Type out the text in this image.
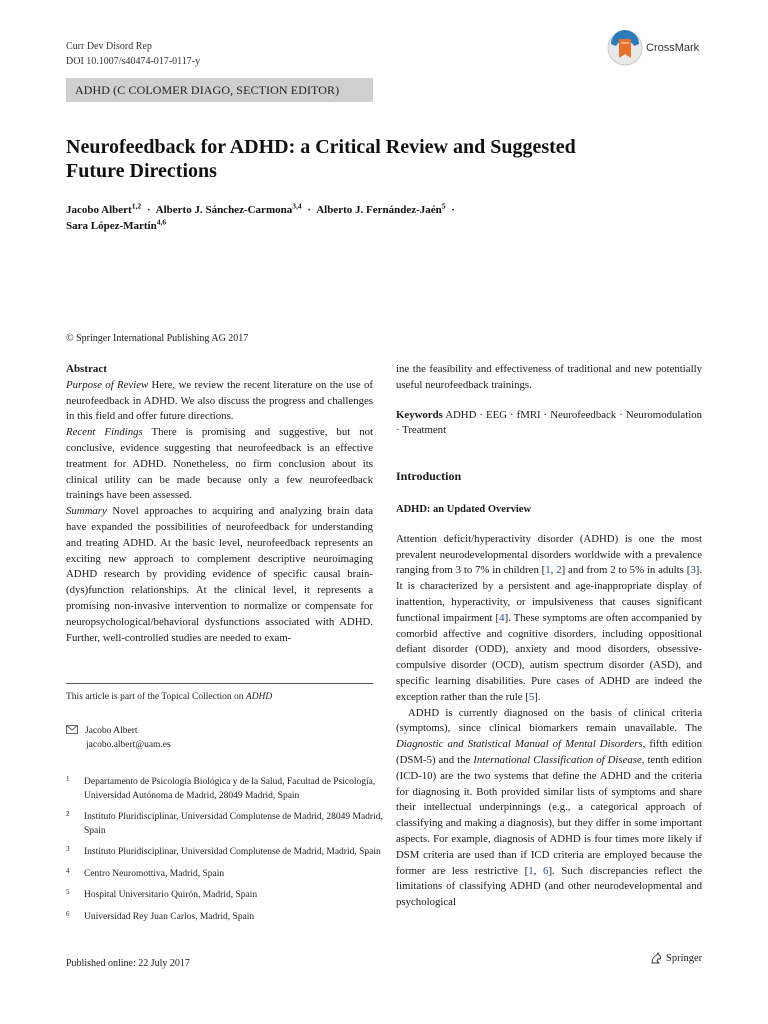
Curr Dev Disord Rep
DOI 10.1007/s40474-017-0117-y
CrossMark
ADHD (C COLOMER DIAGO, SECTION EDITOR)
Neurofeedback for ADHD: a Critical Review and Suggested
Future Directions
Jacobo Albert$^{1,2}$ · Alberto J. Sánchez-Carmona$^{3,4}$ · Alberto J. Fernández-Jaén$^5$ ·
Sara López-Martín$^{4,6}$
© Springer International Publishing AG 2017
Abstract
Purpose of Review Here, we review the recent literature on the use of neurofeedback in ADHD. We also discuss the progress and challenges in this field and offer future directions.
Recent Findings There is promising and suggestive, but not conclusive, evidence suggesting that neurofeedback is an effective treatment for ADHD. Nonetheless, no firm conclusion about its clinical utility can be made because only a few neurofeedback trainings have been assessed.
Summary Novel approaches to acquiring and analyzing brain data have expanded the possibilities of neurofeedback for understanding and treating ADHD. At the basic level, neurofeedback represents an exciting new approach to complement descriptive neuroimaging ADHD research by providing evidence of specific causal brain-(dys)function relationships. At the clinical level, it represents a promising non-invasive intervention to normalize or compensate for neuropsychological/behavioral dysfunctions associated with ADHD. Further, well-controlled studies are needed to exam-
This article is part of the Topical Collection on ADHD
Jacobo Albert
jacobo.albert@uam.es
1 Departamento de Psicología Biológica y de la Salud, Facultad de Psicología, Universidad Autónoma de Madrid, 28049 Madrid, Spain
2 Instituto Pluridisciplinar, Universidad Complutense de Madrid, 28049 Madrid, Spain
3 Instituto Pluridisciplinar, Universidad Complutense de Madrid, Madrid, Spain
4 Centro Neuromottiva, Madrid, Spain
5 Hospital Universitario Quirón, Madrid, Spain
6 Universidad Rey Juan Carlos, Madrid, Spain
ine the feasibility and effectiveness of traditional and new potentially useful neurofeedback trainings.
Keywords ADHD · EEG · fMRI · Neurofeedback · Neuromodulation · Treatment
Introduction
ADHD: an Updated Overview

Attention deficit/hyperactivity disorder (ADHD) is one the most prevalent neurodevelopmental disorders worldwide with a prevalence ranging from 3 to 7% in children [1, 2] and from 2 to 5% in adults [3]. It is characterized by a persistent and age-inappropriate display of inattention, hyperactivity, or impulsiveness that causes significant functional impairment [4]. These symptoms are often accompanied by comorbid affective and cognitive disorders, including oppositional defiant disorder (ODD), anxiety and mood disorders, obsessive-compulsive disorder (OCD), autism spectrum disorder (ASD), and specific learning disabilities. Pure cases of ADHD are indeed the exception rather than the rule [5].

ADHD is currently diagnosed on the basis of clinical criteria (symptoms), since clinical biomarkers remain unavailable. The Diagnostic and Statistical Manual of Mental Disorders, fifth edition (DSM-5) and the International Classification of Disease, tenth edition (ICD-10) are the two systems that define the ADHD and the criteria for diagnosing it. Both provided similar lists of symptoms and share their intellectual underpinnings (e.g., a categorical approach of classifying and making a diagnosis), but they differ in some important aspects. For example, diagnosis of ADHD is four times more likely if DSM criteria are used than if ICD criteria are employed because the former are less restrictive [1, 6]. Such discrepancies reflect the limitations of classifying ADHD (and other neurodevelopmental and psychological

Published online: 22 July 2017	Springer
